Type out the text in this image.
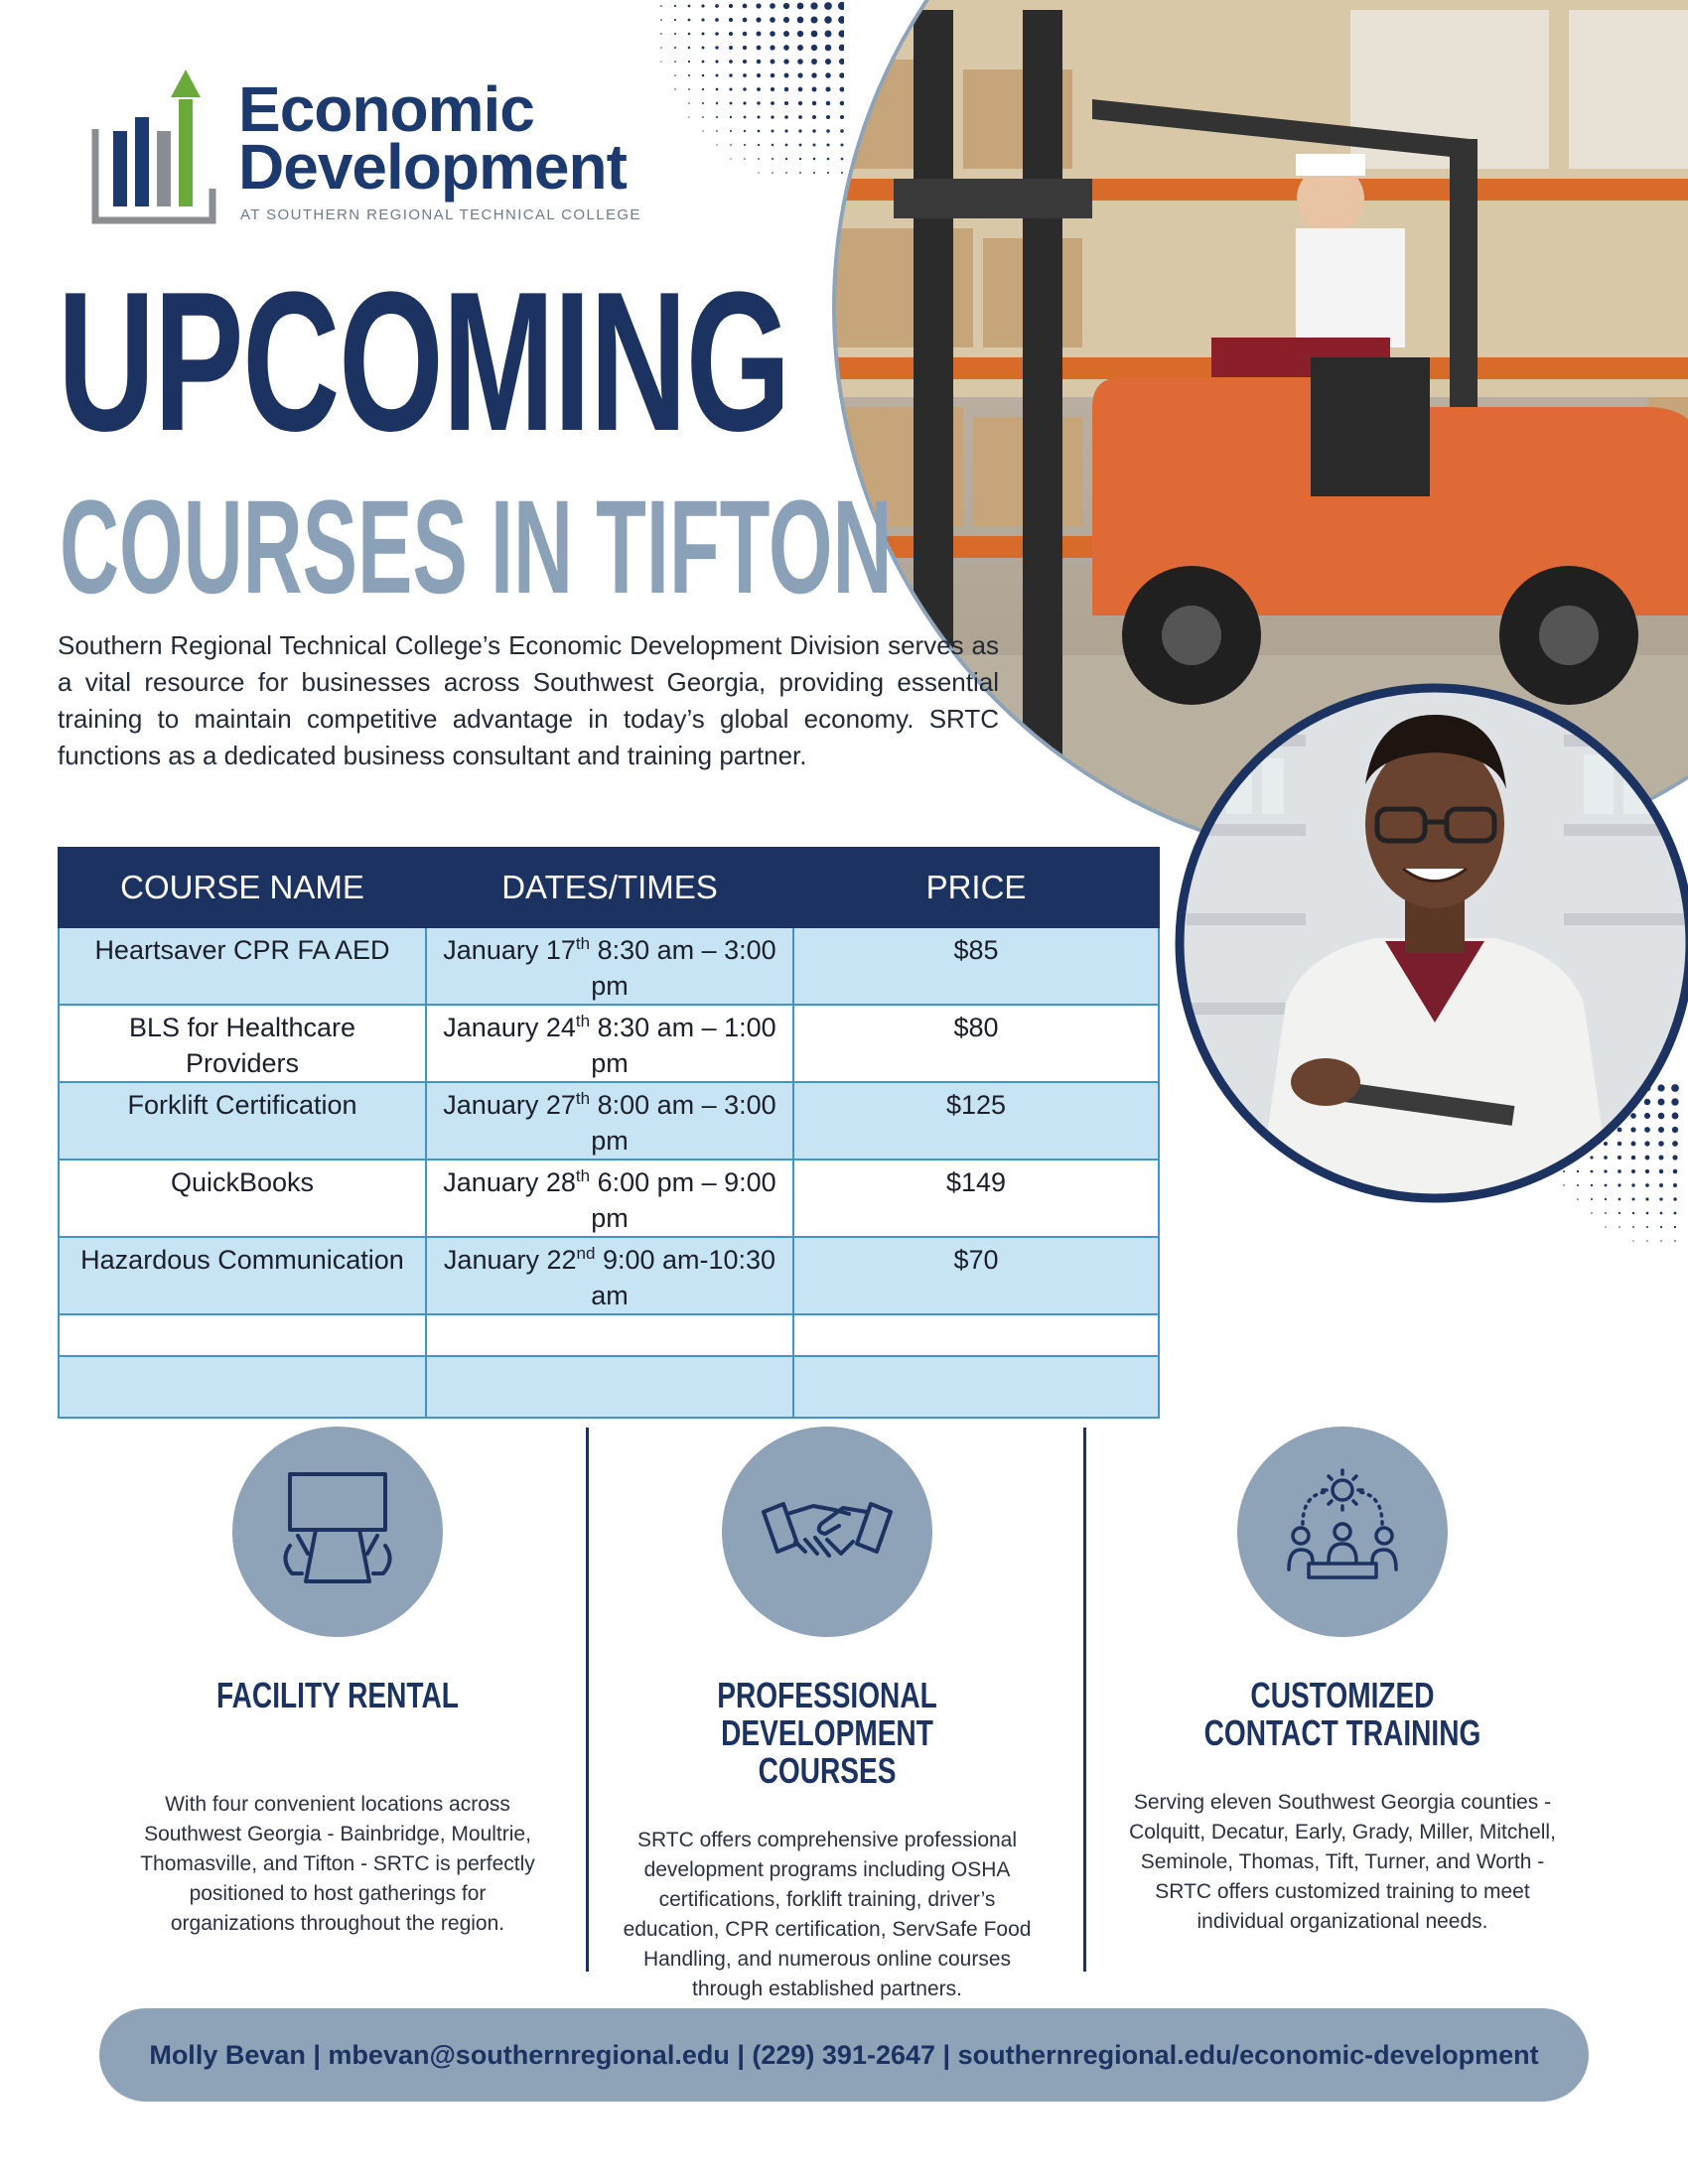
Economic
Development
AT SOUTHERN REGIONAL TECHNICAL COLLEGE
UPCOMING
COURSES IN TIFTON
Southern Regional Technical College’s Economic Development Division serves as a vital resource for businesses across Southwest Georgia, providing essential training to maintain competitive advantage in today’s global economy. SRTC functions as a dedicated business consultant and training partner.
COURSE NAME	DATES/TIMES	PRICE
Heartsaver CPR FA AED	January 17th 8:30 am – 3:00 pm	$85
BLS for Healthcare Providers	Janaury 24th 8:30 am – 1:00 pm	$80
Forklift Certification	January 27th 8:00 am – 3:00 pm	$125
QuickBooks	January 28th 6:00 pm – 9:00 pm	$149
Hazardous Communication	January 22nd 9:00 am-10:30 am	$70

FACILITY RENTAL

With four convenient locations across Southwest Georgia - Bainbridge, Moultrie, Thomasville, and Tifton - SRTC is perfectly positioned to host gatherings for organizations throughout the region.

PROFESSIONAL
DEVELOPMENT COURSES

SRTC offers comprehensive professional development programs including OSHA certifications, forklift training, driver’s education, CPR certification, ServSafe Food Handling, and numerous online courses through established partners.

CUSTOMIZED
CONTACT TRAINING

Serving eleven Southwest Georgia counties - Colquitt, Decatur, Early, Grady, Miller, Mitchell, Seminole, Thomas, Tift, Turner, and Worth - SRTC offers customized training to meet individual organizational needs.

Molly Bevan | mbevan@southernregional.edu | (229) 391-2647 | southernregional.edu/economic-development
